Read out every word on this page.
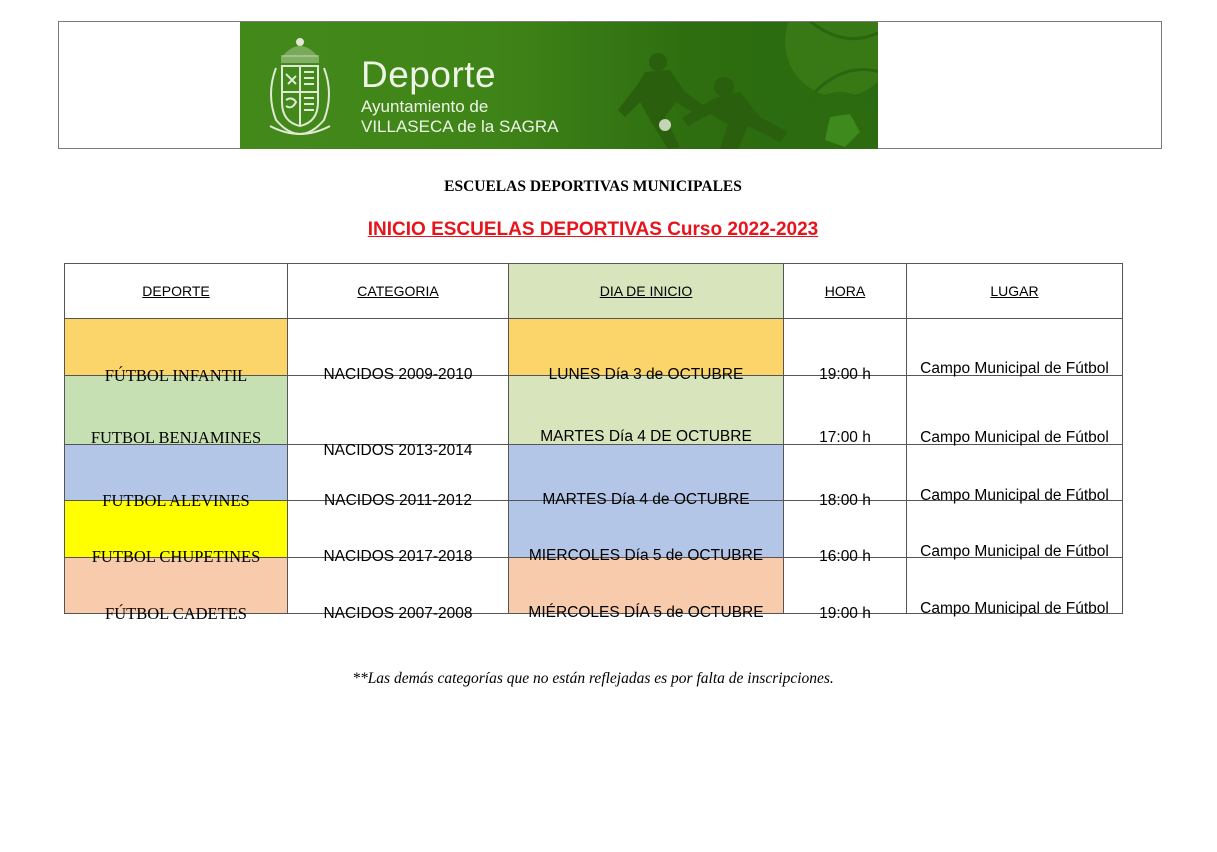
Deporte
Ayuntamiento de
VILLASECA de la SAGRA
ESCUELAS DEPORTIVAS MUNICIPALES
INICIO ESCUELAS DEPORTIVAS Curso 2022-2023
DEPORTE	CATEGORIA	DIA DE INICIO	HORA	LUGAR

FÚTBOL INFANTIL	NACIDOS 2009-2010	LUNES Día 3 de OCTUBRE	19:00 h	Campo Municipal de Fútbol

FUTBOL BENJAMINES	NACIDOS 2013-2014	MARTES Día 4 DE OCTUBRE	17:00 h	Campo Municipal de Fútbol

FUTBOL ALEVINES	NACIDOS 2011-2012	MARTES Día 4 de OCTUBRE	18:00 h	Campo Municipal de Fútbol

FUTBOL CHUPETINES	NACIDOS 2017-2018	MIERCOLES Día 5 de OCTUBRE	16:00 h	Campo Municipal de Fútbol

FÚTBOL CADETES	NACIDOS 2007-2008	MIÉRCOLES DÍA 5 de OCTUBRE	19:00 h	Campo Municipal de Fútbol
**Las demás categorías que no están reflejadas es por falta de inscripciones.
